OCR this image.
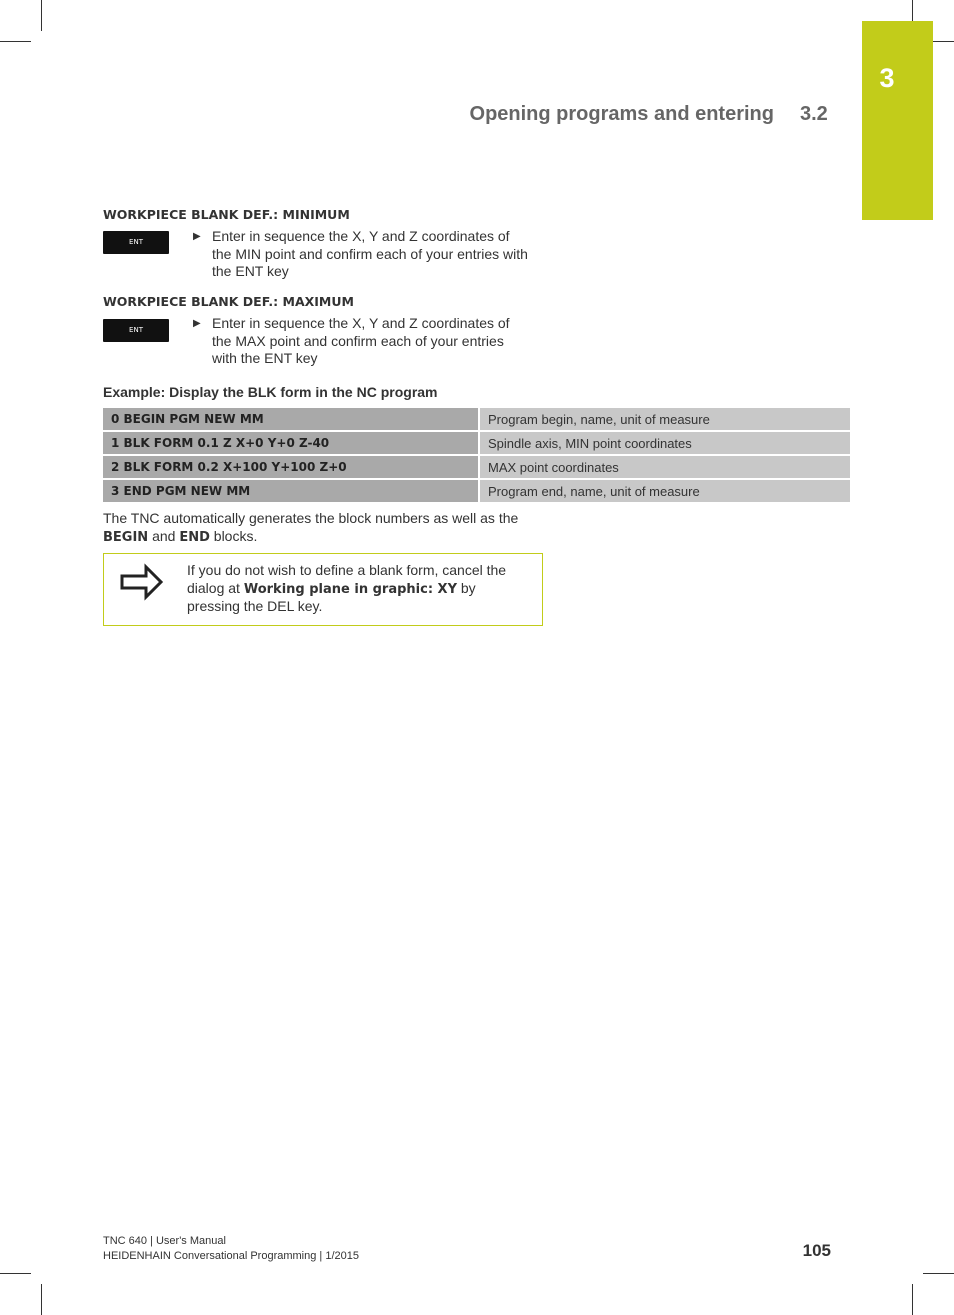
3
Opening programs and entering 3.2
WORKPIECE BLANK DEF.: MINIMUM
ENT	▶ Enter in sequence the X, Y and Z coordinates of the MIN point and confirm each of your entries with the ENT key
WORKPIECE BLANK DEF.: MAXIMUM
ENT
▶ Enter in sequence the X, Y and Z coordinates of the MAX point and confirm each of your entries with the ENT key
Example: Display the BLK form in the NC program
0 BEGIN PGM NEW MM	Program begin, name, unit of measure
1 BLK FORM 0.1 Z X+0 Y+0 Z-40	Spindle axis, MIN point coordinates
2 BLK FORM 0.2 X+100 Y+100 Z+0	MAX point coordinates
3 END PGM NEW MM	Program end, name, unit of measure
The TNC automatically generates the block numbers as well as the BEGIN and END blocks.
If you do not wish to define a blank form, cancel the dialog at Working plane in graphic: XY by pressing the DEL key.
TNC 640 | User's Manual
HEIDENHAIN Conversational Programming | 1/2015	105
